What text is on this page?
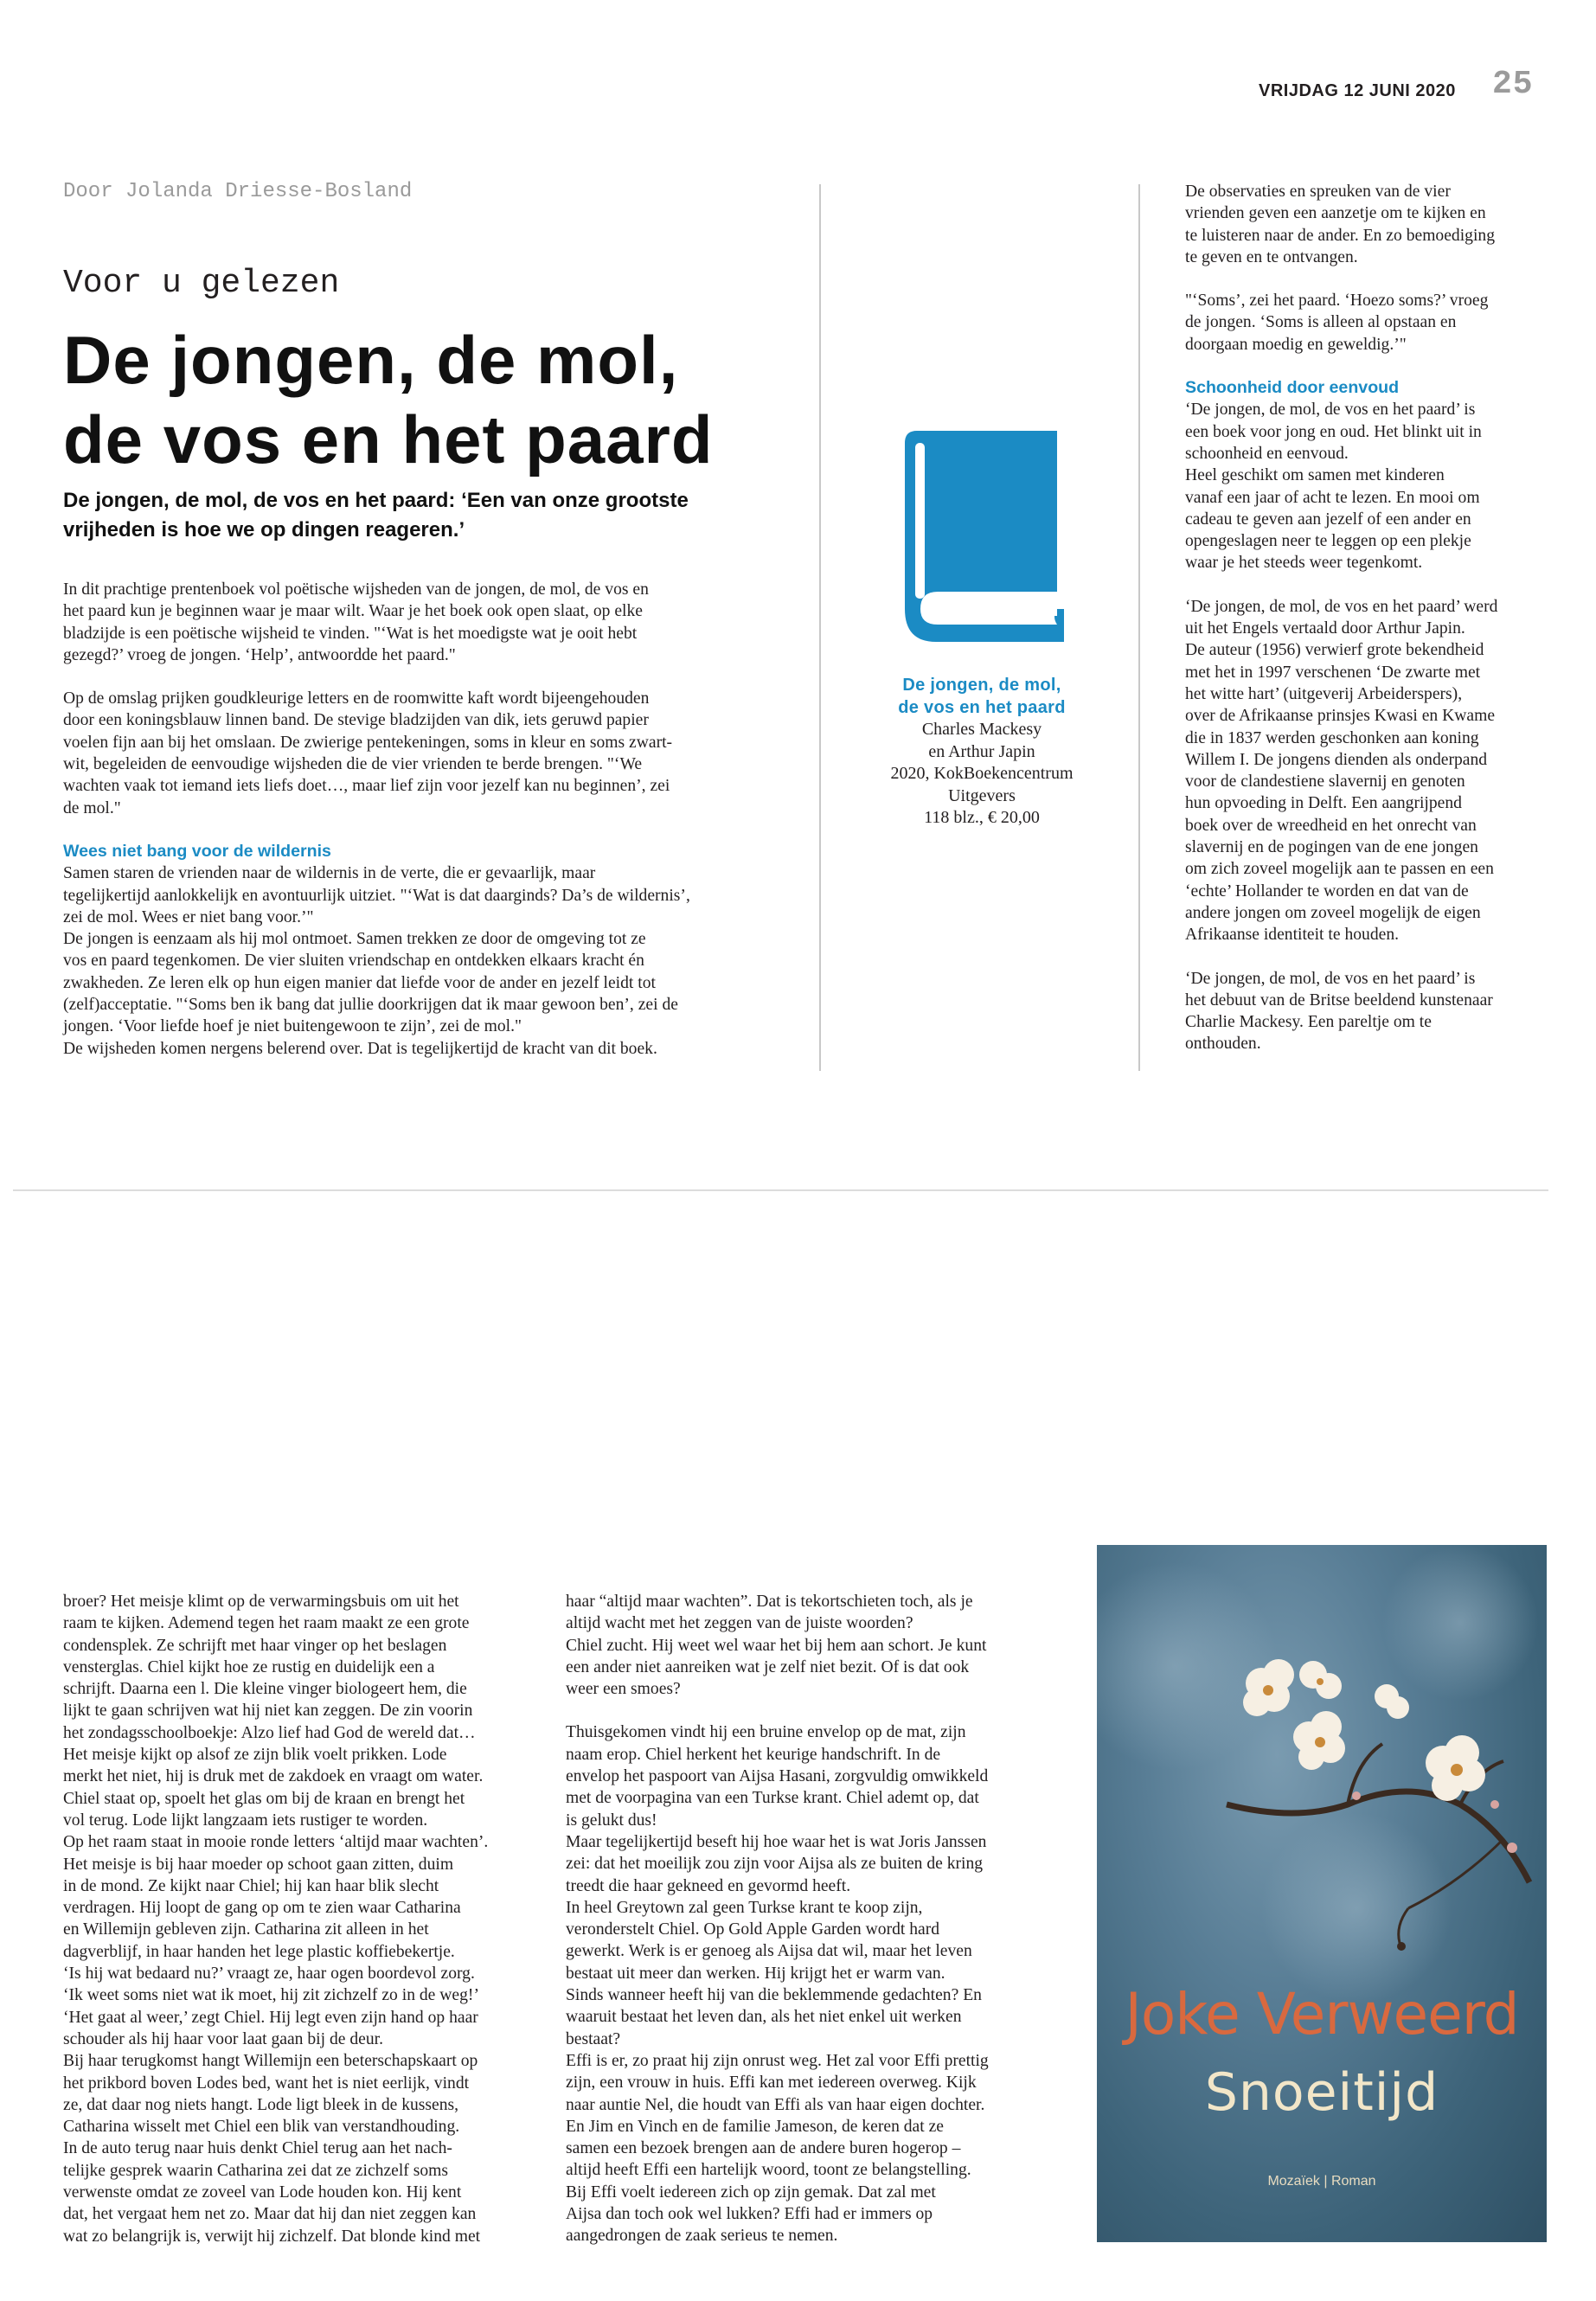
VRIJDAG 12 JUNI 2020 25
Door Jolanda Driesse-Bosland
Voor u gelezen
De jongen, de mol,
de vos en het paard
De jongen, de mol, de vos en het paard: ‘Een van onze grootste
vrijheden is hoe we op dingen reageren.’

In dit prachtige prentenboek vol poëtische wijsheden van de jongen, de mol, de vos en
het paard kun je beginnen waar je maar wilt. Waar je het boek ook open slaat, op elke
bladzijde is een poëtische wijsheid te vinden. "‘Wat is het moedigste wat je ooit hebt
gezegd?’ vroeg de jongen. ‘Help’, antwoordde het paard."

Op de omslag prijken goudkleurige letters en de roomwitte kaft wordt bijeengehouden
door een koningsblauw linnen band. De stevige bladzijden van dik, iets geruwd papier
voelen fijn aan bij het omslaan. De zwierige pentekeningen, soms in kleur en soms zwart-
wit, begeleiden de eenvoudige wijsheden die de vier vrienden te berde brengen. "‘We
wachten vaak tot iemand iets liefs doet…, maar lief zijn voor jezelf kan nu beginnen’, zei
de mol."

Wees niet bang voor de wildernis

Samen staren de vrienden naar de wildernis in de verte, die er gevaarlijk, maar
tegelijkertijd aanlokkelijk en avontuurlijk uitziet. "‘Wat is dat daarginds? Da’s de wildernis’,
zei de mol. Wees er niet bang voor.’"
De jongen is eenzaam als hij mol ontmoet. Samen trekken ze door de omgeving tot ze
vos en paard tegenkomen. De vier sluiten vriendschap en ontdekken elkaars kracht én
zwakheden. Ze leren elk op hun eigen manier dat liefde voor de ander en jezelf leidt tot
(zelf)acceptatie. "‘Soms ben ik bang dat jullie doorkrijgen dat ik maar gewoon ben’, zei de
jongen. ‘Voor liefde hoef je niet buitengewoon te zijn’, zei de mol."
De wijsheden komen nergens belerend over. Dat is tegelijkertijd de kracht van dit boek.

De jongen, de mol,
de vos en het paard
Charles Mackesy
en Arthur Japin
2020, KokBoekencentrum
Uitgevers
118 blz., € 20,00

De observaties en spreuken van de vier
vrienden geven een aanzetje om te kijken en
te luisteren naar de ander. En zo bemoediging
te geven en te ontvangen.

"‘Soms’, zei het paard. ‘Hoezo soms?’ vroeg
de jongen. ‘Soms is alleen al opstaan en
doorgaan moedig en geweldig.’"

Schoonheid door eenvoud

‘De jongen, de mol, de vos en het paard’ is
een boek voor jong en oud. Het blinkt uit in
schoonheid en eenvoud.
Heel geschikt om samen met kinderen
vanaf een jaar of acht te lezen. En mooi om
cadeau te geven aan jezelf of een ander en
opengeslagen neer te leggen op een plekje
waar je het steeds weer tegenkomt.

‘De jongen, de mol, de vos en het paard’ werd
uit het Engels vertaald door Arthur Japin.
De auteur (1956) verwierf grote bekendheid
met het in 1997 verschenen ‘De zwarte met
het witte hart’ (uitgeverij Arbeiderspers),
over de Afrikaanse prinsjes Kwasi en Kwame
die in 1837 werden geschonken aan koning
Willem I. De jongens dienden als onderpand
voor de clandestiene slavernij en genoten
hun opvoeding in Delft. Een aangrijpend
boek over de wreedheid en het onrecht van
slavernij en de pogingen van de ene jongen
om zich zoveel mogelijk aan te passen en een
‘echte’ Hollander te worden en dat van de
andere jongen om zoveel mogelijk de eigen
Afrikaanse identiteit te houden.

‘De jongen, de mol, de vos en het paard’ is
het debuut van de Britse beeldend kunstenaar
Charlie Mackesy. Een pareltje om te
onthouden.

broer? Het meisje klimt op de verwarmingsbuis om uit het
raam te kijken. Ademend tegen het raam maakt ze een grote
condensplek. Ze schrijft met haar vinger op het beslagen
vensterglas. Chiel kijkt hoe ze rustig en duidelijk een a
schrijft. Daarna een l. Die kleine vinger biologeert hem, die
lijkt te gaan schrijven wat hij niet kan zeggen. De zin voorin
het zondagsschoolboekje: Alzo lief had God de wereld dat…
Het meisje kijkt op alsof ze zijn blik voelt prikken. Lode
merkt het niet, hij is druk met de zakdoek en vraagt om water.
Chiel staat op, spoelt het glas om bij de kraan en brengt het
vol terug. Lode lijkt langzaam iets rustiger te worden.
Op het raam staat in mooie ronde letters ‘altijd maar wachten’.
Het meisje is bij haar moeder op schoot gaan zitten, duim
in de mond. Ze kijkt naar Chiel; hij kan haar blik slecht
verdragen. Hij loopt de gang op om te zien waar Catharina
en Willemijn gebleven zijn. Catharina zit alleen in het
dagverblijf, in haar handen het lege plastic koffiebekertje.
‘Is hij wat bedaard nu?’ vraagt ze, haar ogen boordevol zorg.
‘Ik weet soms niet wat ik moet, hij zit zichzelf zo in de weg!’
‘Het gaat al weer,’ zegt Chiel. Hij legt even zijn hand op haar
schouder als hij haar voor laat gaan bij de deur.
Bij haar terugkomst hangt Willemijn een beterschapskaart op
het prikbord boven Lodes bed, want het is niet eerlijk, vindt
ze, dat daar nog niets hangt. Lode ligt bleek in de kussens,
Catharina wisselt met Chiel een blik van verstandhouding.
In de auto terug naar huis denkt Chiel terug aan het nach-
telijke gesprek waarin Catharina zei dat ze zichzelf soms
verwenste omdat ze zoveel van Lode houden kon. Hij kent
dat, het vergaat hem net zo. Maar dat hij dan niet zeggen kan
wat zo belangrijk is, verwijt hij zichzelf. Dat blonde kind met

haar “altijd maar wachten”. Dat is tekortschieten toch, als je
altijd wacht met het zeggen van de juiste woorden?
Chiel zucht. Hij weet wel waar het bij hem aan schort. Je kunt
een ander niet aanreiken wat je zelf niet bezit. Of is dat ook
weer een smoes?

Thuisgekomen vindt hij een bruine envelop op de mat, zijn
naam erop. Chiel herkent het keurige handschrift. In de
envelop het paspoort van Aijsa Hasani, zorgvuldig omwikkeld
met de voorpagina van een Turkse krant. Chiel ademt op, dat
is gelukt dus!
Maar tegelijkertijd beseft hij hoe waar het is wat Joris Janssen
zei: dat het moeilijk zou zijn voor Aijsa als ze buiten de kring
treedt die haar gekneed en gevormd heeft.
In heel Greytown zal geen Turkse krant te koop zijn,
veronderstelt Chiel. Op Gold Apple Garden wordt hard
gewerkt. Werk is er genoeg als Aijsa dat wil, maar het leven
bestaat uit meer dan werken. Hij krijgt het er warm van.
Sinds wanneer heeft hij van die beklemmende gedachten? En
waaruit bestaat het leven dan, als het niet enkel uit werken
bestaat?
Effi is er, zo praat hij zijn onrust weg. Het zal voor Effi prettig
zijn, een vrouw in huis. Effi kan met iedereen overweg. Kijk
naar auntie Nel, die houdt van Effi als van haar eigen dochter.
En Jim en Vinch en de familie Jameson, de keren dat ze
samen een bezoek brengen aan de andere buren hogerop –
altijd heeft Effi een hartelijk woord, toont ze belangstelling.
Bij Effi voelt iedereen zich op zijn gemak. Dat zal met
Aijsa dan toch ook wel lukken? Effi had er immers op
aangedrongen de zaak serieus te nemen.

Joke Verweerd
Snoeitijd
Mozaïek | Roman
